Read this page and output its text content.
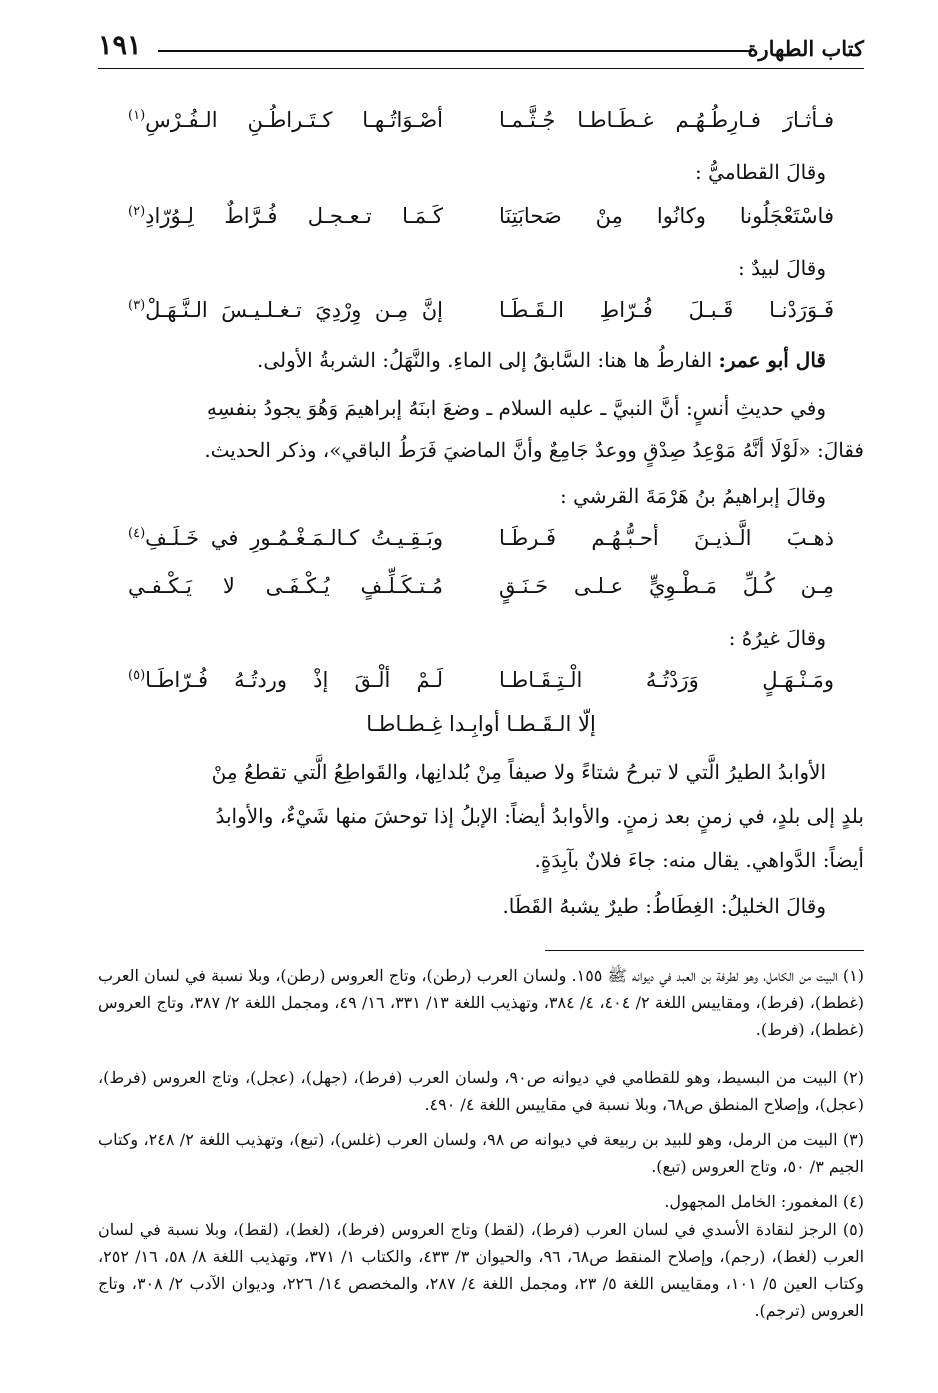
كتاب الطهارة
١٩١
فـأثـارَ فـارِطُـهُـم غـطَـاطـا جُـثَّـمـا
أصْـوَاتُـهـا كـتَـراطُـنِ الـفُـرْسِ$^{(١)}$
وقالَ القطاميُّ :
فاسْتَعْجَلُونا وكانُوا مِنْ صَحابَتِنَا
كَـمَـا تـعـجـل فُـرَّاطٌ لِـوُرّادِ$^{(٢)}$
وقالَ لبيدٌ :
فَـوَرَدْنـا قَـبـلَ فُـرّاطِ الـقَـطَـا
إنَّ مِـن وِرْدِيَ تـغـلـيـسَ الـنَّـهَـلْ$^{(٣)}$
قال أبو عمر: الفارطُ ها هنا: السَّابقُ إلى الماءِ. والنَّهَلُ: الشربةُ الأولى.
وفي حديثِ أنسٍ: أنَّ النبيَّ ـ عليه السلام ـ وضعَ ابنَهُ إبراهيمَ وَهُوَ يجودُ بنفسِهِ
فقالَ: «لَوْلَا أنَّهُ مَوْعِدُ صِدْقٍ ووعدٌ جَامِعٌ وأنَّ الماضيَ فَرَطُ الباقي»، وذكر الحديث.
وقالَ إبراهيمُ بنُ هَرْمَةَ القرشي :
ذهـبَ الَّـذيـنَ أحـبُّـهُـم فَـرطَـا
وبَـقِـيـتُ كـالـمَـغْـمُـورِ في خَـلَـفِ$^{(٤)}$
مِـن كُـلِّ مَـطْـوِيٍّ عـلـى حَـنَـقٍ
مُـتـكَـلِّـفٍ يُـكْـفَـى لا يَـكْـفـي
وقالَ غيرُهُ :
ومَـنْـهَـلٍ وَرَدْتُـهُ الْـتِـقَـاطـا
لَـمْ ألْـقَ إذْ وردتُـهُ فُـرّاطَـا$^{(٥)}$
إلّا الـقَـطـا أوابِـدا غِـطـاطـا
الأوابدُ الطيرُ الَّتي لا تبرحُ شتاءً ولا صيفاً مِنْ بُلدانِها، والقَواطِعُ الَّتي تقطعُ مِنْ
بلدٍ إلى بلدٍ، في زمنٍ بعد زمنٍ. والأوابدُ أيضاً: الإبلُ إذا توحشَ منها شَيْءٌ، والأوابدُ
أيضاً: الدَّواهي. يقال منه: جاءَ فلانٌ بآبِدَةٍ.
وقالَ الخليلُ: الغِطَاطُ: طيرٌ يشبهُ القَطَا.
(١) البيت من الكامل، وهو لطرفة بن العبد في ديوانه ﷺ ١٥٥. ولسان العرب (رطن)، وتاج العروس (رطن)، وبلا نسبة في لسان العرب (غطط)، (فرط)، ومقاييس اللغة ٢/ ٤٠٤، ٤/ ٣٨٤، وتهذيب اللغة ١٣/ ٣٣١، ١٦/ ٤٩، ومجمل اللغة ٢/ ٣٨٧، وتاج العروس (غطط)، (فرط).
(٢) البيت من البسيط، وهو للقطامي في ديوانه ص٩٠، ولسان العرب (فرط)، (جهل)، (عجل)، وتاج العروس (فرط)، (عجل)، وإصلاح المنطق ص٦٨، وبلا نسبة في مقاييس اللغة ٤/ ٤٩٠.
(٣) البيت من الرمل، وهو للبيد بن ربيعة في ديوانه ص ٩٨، ولسان العرب (غلس)، (تبع)، وتهذيب اللغة ٢/ ٢٤٨، وكتاب الجيم ٣/ ٥٠، وتاج العروس (تبع).
(٤) المغمور: الخامل المجهول.
(٥) الرجز لنقادة الأسدي في لسان العرب (فرط)، (لقط) وتاج العروس (فرط)، (لغط)، (لقط)، وبلا نسبة في لسان العرب (لغط)، (رجم)، وإصلاح المنقط ص٦٨، ٩٦، والحيوان ٣/ ٤٣٣، والكتاب ١/ ٣٧١، وتهذيب اللغة ٨/ ٥٨، ١٦/ ٢٥٢، وكتاب العين ٥/ ١٠١، ومقاييس اللغة ٥/ ٢٣، ومجمل اللغة ٤/ ٢٨٧، والمخصص ١٤/ ٢٢٦، وديوان الآدب ٢/ ٣٠٨، وتاج العروس (ترجم).
